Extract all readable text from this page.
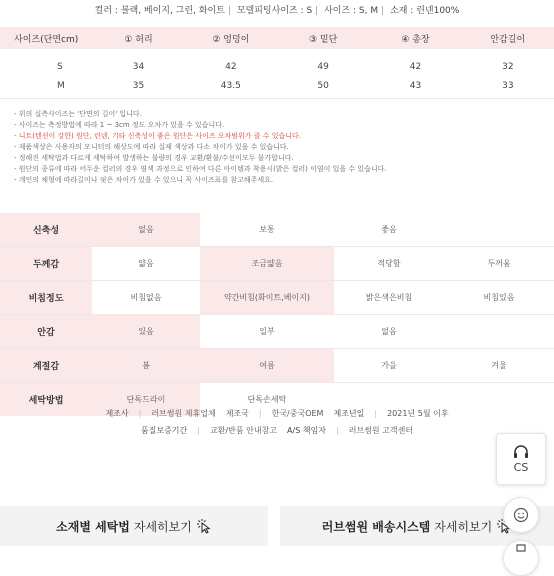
컬러 : 블랙, 베이지, 그린, 화이트 | 모델피팅사이즈 : S | 사이즈 : S, M | 소재 : 린넨100%
사이즈(단면cm)	① 허리	② 엉덩이	③ 밑단	④ 총장	안감길이
S	34	42	49	42	32
M	35	43.5	50	43	33
- 위의 실측사이즈는 '단면의 길이' 입니다.
- 사이즈는 측정방법에 따라 1 ~ 3cm 정도 오차가 있을 수 있습니다.
- 니트(텐션이 강한) 원단, 린넨, 기타 신축성이 좋은 원단은 사이즈 오차범위가 클 수 있습니다.
- 제품색상은 사용자의 모니터의 해상도에 따라 실제 색상과 다소 차이가 있을 수 있습니다.
- 정해진 세탁법과 다르게 세탁하여 발생하는 불량의 경우 교환/환불/수선이모두 불가합니다.
- 원단의 종류에 따라 어두운 컬러의 경우 염색 과정으로 인하여 다른 아이템과 착용시(밝은 컬러) 이염이 있을 수 있습니다.
- 개인의 체형에 따라길이나 핏은 차이가 있을 수 있으니 꼭 사이즈표를 참고해주세요.
신축성	없음	보통	좋음	
두께감	얇음	조금얇음	적당함	두꺼움
비침정도	비침없음	약간비침(화이트,베이지)	밝은색은비침	비침있음
안감	있음	일부	없음	
계절감	봄	여름	가을	겨울
세탁방법	단독드라이	단독손세탁		
제조사 | 러브썸원 제휴업체 제조국 | 한국/중국OEM 제조년일 | 2021년 5월 이후
품질보증기간 | 교환/반품 안내참고 A/S 책임자 | 러브썸원 고객센터
소재별 세탁법 자세히보기	러브썸원 배송시스템 자세히보기
CS
